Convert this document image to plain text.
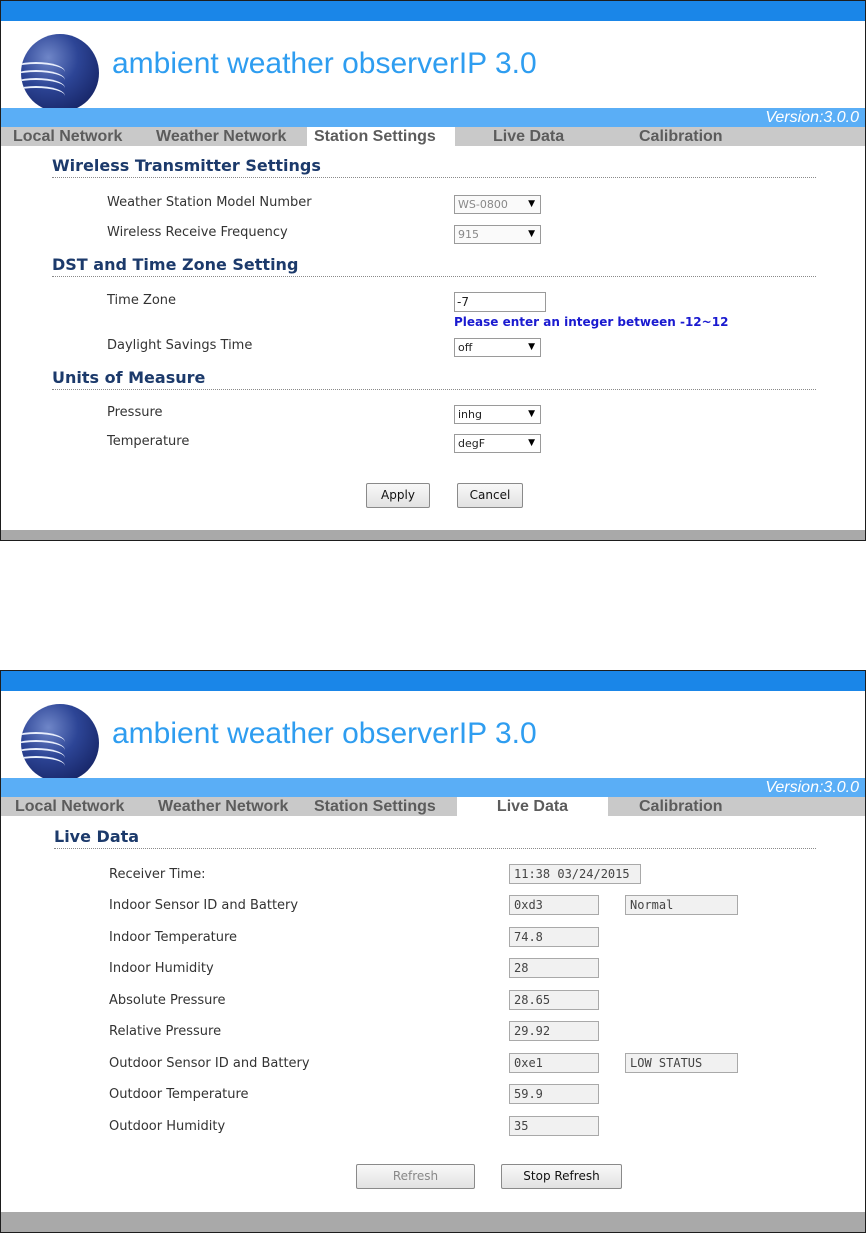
ambient weather observerIP 3.0
Version:3.0.0
Local Network Weather Network	Station Settings	Live Data	Calibration
Wireless Transmitter Settings
Weather Station Model Number	WS-0800 ▼
Wireless Receive Frequency	915	▼
DST and Time Zone Setting
Time Zone	-7
Please enter an integer between -12~12
Daylight Savings Time	off	▼
Units of Measure
Pressure	inhg	▼
Temperature	degF	▼
Apply	Cancel
ambient weather observerIP 3.0
Version:3.0.0
Local Network Weather Network Station Settings	Live Data	Calibration
Live Data
Receiver Time:	11:38 03/24/2015
Indoor Sensor ID and Battery	0xd3	Normal
Indoor Temperature	74.8
Indoor Humidity	28
Absolute Pressure	28.65
Relative Pressure	29.92
Outdoor Sensor ID and Battery	0xe1	LOW STATUS
Outdoor Temperature	59.9
Outdoor Humidity	35
Refresh	Stop Refresh
